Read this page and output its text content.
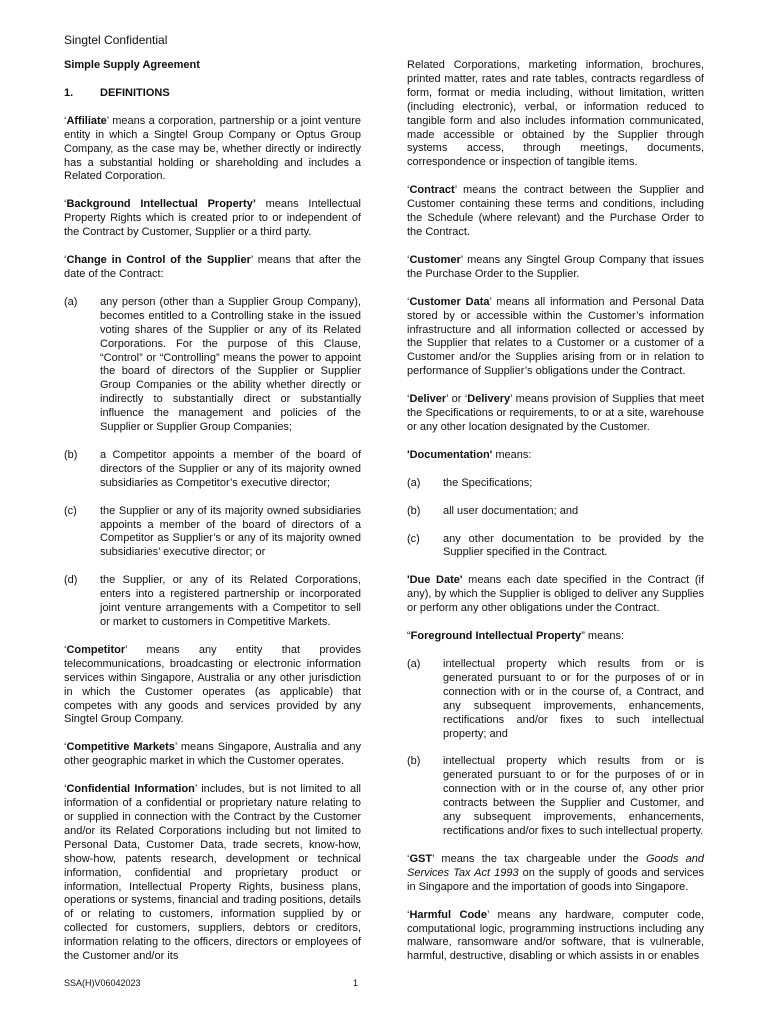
Singtel Confidential
Simple Supply Agreement
1.	DEFINITIONS

‘Affiliate’ means a corporation, partnership or a joint venture entity in which a Singtel Group Company or Optus Group Company, as the case may be, whether directly or indirectly has a substantial holding or shareholding and includes a Related Corporation.

‘Background Intellectual Property’ means Intellectual Property Rights which is created prior to or independent of the Contract by Customer, Supplier or a third party.

‘Change in Control of the Supplier’ means that after the date of the Contract:

(a)	any person (other than a Supplier Group Company), becomes entitled to a Controlling stake in the issued voting shares of the Supplier or any of its Related Corporations. For the purpose of this Clause, “Control” or “Controlling” means the power to appoint the board of directors of the Supplier or Supplier Group Companies or the ability whether directly or indirectly to substantially direct or substantially influence the management and policies of the Supplier or Supplier Group Companies;
(b)	a Competitor appoints a member of the board of directors of the Supplier or any of its majority owned subsidiaries as Competitor’s executive director;
(c)	the Supplier or any of its majority owned subsidiaries appoints a member of the board of directors of a Competitor as Supplier’s or any of its majority owned subsidiaries’ executive director; or
(d)	the Supplier, or any of its Related Corporations, enters into a registered partnership or incorporated joint venture arrangements with a Competitor to sell or market to customers in Competitive Markets.

‘Competitor’ means any entity that provides telecommunications, broadcasting or electronic information services within Singapore, Australia or any other jurisdiction in which the Customer operates (as applicable) that competes with any goods and services provided by any Singtel Group Company.

‘Competitive Markets’ means Singapore, Australia and any other geographic market in which the Customer operates.

‘Confidential Information’ includes, but is not limited to all information of a confidential or proprietary nature relating to or supplied in connection with the Contract by the Customer and/or its Related Corporations including but not limited to Personal Data, Customer Data, trade secrets, know-how, show-how, patents research, development or technical information, confidential and proprietary product or information, Intellectual Property Rights, business plans, operations or systems, financial and trading positions, details of or relating to customers, information supplied by or collected for customers, suppliers, debtors or creditors, information relating to the officers, directors or employees of the Customer and/or its

Related Corporations, marketing information, brochures, printed matter, rates and rate tables, contracts regardless of form, format or media including, without limitation, written (including electronic), verbal, or information reduced to tangible form and also includes information communicated, made accessible or obtained by the Supplier through systems access, through meetings, documents, correspondence or inspection of tangible items.

‘Contract’ means the contract between the Supplier and Customer containing these terms and conditions, including the Schedule (where relevant) and the Purchase Order to the Contract.

‘Customer’ means any Singtel Group Company that issues the Purchase Order to the Supplier.

‘Customer Data’ means all information and Personal Data stored by or accessible within the Customer’s information infrastructure and all information collected or accessed by the Supplier that relates to a Customer or a customer of a Customer and/or the Supplies arising from or in relation to performance of Supplier’s obligations under the Contract.

‘Deliver’ or ‘Delivery’ means provision of Supplies that meet the Specifications or requirements, to or at a site, warehouse or any other location designated by the Customer.

'Documentation' means:

(a)	the Specifications;
(b)	all user documentation; and
(c)	any other documentation to be provided by the Supplier specified in the Contract.

'Due Date' means each date specified in the Contract (if any), by which the Supplier is obliged to deliver any Supplies or perform any other obligations under the Contract.

“Foreground Intellectual Property” means:

(a)	intellectual property which results from or is generated pursuant to or for the purposes of or in connection with or in the course of, a Contract, and any subsequent improvements, enhancements, rectifications and/or fixes to such intellectual property; and
(b)	intellectual property which results from or is generated pursuant to or for the purposes of or in connection with or in the course of, any other prior contracts between the Supplier and Customer, and any subsequent improvements, enhancements, rectifications and/or fixes to such intellectual property.

‘GST’ means the tax chargeable under the Goods and Services Tax Act 1993 on the supply of goods and services in Singapore and the importation of goods into Singapore.

‘Harmful Code’ means any hardware, computer code, computational logic, programming instructions including any malware, ransomware and/or software, that is vulnerable, harmful, destructive, disabling or which assists in or enables

SSA(H)V06042023	1
